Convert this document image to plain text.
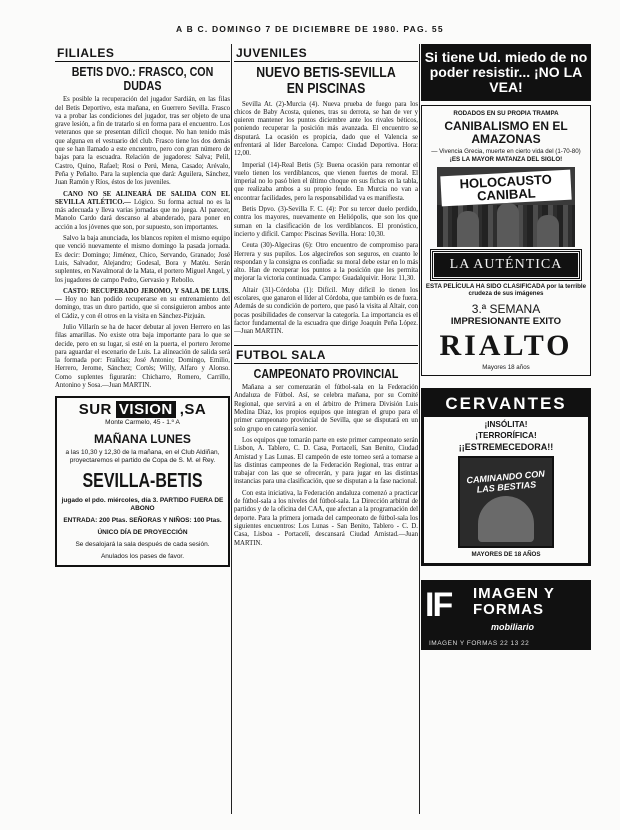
A B C. DOMINGO 7 DE DICIEMBRE DE 1980. PAG. 55
FILIALES
BETIS DVO.: FRASCO, CON DUDAS

Es posible la recuperación del jugador Sardián, en las filas del Betis Deportivo, esta mañana, en Guerrero Sevilla. Frasco va a probar las condiciones del jugador, tras ser objeto de una grave lesión, a fin de tratarlo si en forma para el encuentro. Los veteranos que se presentan difícil choque. No han tenido más que alguna en el vestuario del club. Frasco tiene los dos demás que se han llamado a este encuentro, pero con gran número de bajas para la escuadra. Relación de jugadores: Salva; Pelil, Castro, Quino, Rafael; Rosi o Perú, Mena, Casado; Arévalo, Peña y Peñalto. Para la suplencia que dará: Aguilera, Sánchez, Juan Ramón y Ríos, éstos de los juveniles.

CANO NO SE ALINEARÁ DE SALIDA CON EL SEVILLA ATLÉTICO.— Lógico. Su forma actual no es la más adecuada y lleva varias jornadas que no juega. Al parecer, Manolo Cardo dará descanso al abanderado, para poner en acción a los jóvenes que son, por supuesto, son importantes.

Salvo la baja anunciada, los blancos repiten el mismo equipo que venció nuevamente el mismo domingo la pasada jornada. Es decir: Domingo; Jiménez, Chico, Servando, Granado; José Luis, Salvador, Alejandro; Godesal, Bora y Matéu. Serán suplentes, en Navalmoral de la Mata, el portero Miguel Angel, y los jugadores de campo Pedro, Gervasio y Rebollo.

CASTO: RECUPERADO JEROMO, Y SALA DE LUIS.— Hoy no han podido recuperarse en su entrenamiento del domingo, tras un duro partido, que si consiguieron ambos ante el Cádiz, y con él otros en la visita en Sánchez-Pizjuán.

Julio Villarín se ha de hacer debutar al joven Herrero en las filas amarillas. No existe otra baja importante para lo que se decide, pero en su lugar, si esté en la puerta, el portero Jerome para aguardar el escenario de Luis. La alineación de salida será la formada por: Fraildas; José Antonio; Domingo, Emilio, Herrero, Jerome, Sánchez; Cortés; Willy, Alfaro y Alonso. Como suplentes figurarán: Chicharro, Romero, Carrillo, Antonino y Sosa.—Juan MARTIN.

SUR VISION ,SA
Monte Carmelo, 45 - 1.º A
MAÑANA LUNES
a las 10,30 y 12,30 de la mañana, en el Club Aldiñan, proyectaremos el partido de Copa de S. M. el Rey.
SEVILLA-BETIS
jugado el pdo. miércoles, día 3. PARTIDO FUERA DE ABONO
ENTRADA: 200 Ptas. SEÑORAS Y NIÑOS: 100 Ptas.
ÚNICO DÍA DE PROYECCIÓN
Se desalojará la sala después de cada sesión.
Anulados los pases de favor.
JUVENILES
NUEVO BETIS-SEVILLA EN PISCINAS

Sevilla At. (2)-Murcia (4). Nueva prueba de fuego para los chicos de Baby Acosta, quienes, tras su derrota, se han de ver y quieren mantener los puntos diciembre ante los rivales béticos, poniendo recuperar la posición más avanzada. El encuentro se disputará. La ocasión es propicia, dado que el Valencia se enfrentará al líder Barcelona. Campo: Ciudad Deportiva. Hora: 12,00.

Imperial (14)-Real Betis (5): Buena ocasión para remontar el vuelo tienen los verdiblancos, que vienen fuertes de moral. El imperial no lo pasó bien el último choque en sus fichas en la tabla, que realizaba ambos a su propio feudo. En Murcia no van a encontrar facilidades, pero la responsabilidad va es manifiesta.

Betis Dpvo. (3)-Sevilla F. C. (4): Por su tercer duelo perdido, contra los mayores, nuevamente en Heliópolis, que son los que suman en la clasificación de los verdiblancos. El pronóstico, incierto y difícil. Campo: Piscinas Sevilla. Hora: 10,30.

Ceuta (30)-Algeciras (6): Otro encuentro de compromiso para Herrera y sus pupilos. Los algecireños son seguros, en cuanto le respondan y la consigna es confiada: su moral debe estar en lo más alto. Han de recuperar los puntos a la posición que les permita mejorar la victoria continuada. Campo: Guadalquivir. Hora: 11,30.

Altair (31)-Córdoba (1): Difícil. Muy difícil lo tienen los escolares, que ganaron el líder al Córdoba, que también es de fuera. Además de su condición de portero, que pasó la visita al Altair, con pocas posibilidades de conservar la categoría. La importancia es el factor fundamental de la escuadra que dirige Joaquín Peña López.—Juan MARTIN.

FUTBOL SALA
CAMPEONATO PROVINCIAL

Mañana a ser comenzarán el fútbol-sala en la Federación Andaluza de Fútbol. Así, se celebra mañana, por su Comité Regional, que servirá a en el árbitro de Primera División Luis Medina Díaz, los propios equipos que integran el grupo para el primer campeonato provincial de Sevilla, que se disputará en un solo grupo en categoría senior.

Los equipos que tomarán parte en este primer campeonato serán Lisbon, A. Tablero, C. D. Casa, Portacelí, San Benito, Ciudad Amistad y Las Lunas. El campeón de este torneo será a tomarse a las distintas campeones de la Federación Regional, tras entrar a trabajar con las que se ofrecerán, y para jugar en las distintas instancias para una clasificación, que se disputan a la fase nacional.

Con esta iniciativa, la Federación andaluza comenzó a practicar de fútbol-sala a los niveles del fútbol-sala. La Dirección arbitral de partidos y de la oficina del CAA, que afectan a la programación del deporte. Para la primera jornada del campeonato de fútbol-sala los siguientes encuentros: Los Lunas - San Benito, Tablero - C. D. Casa, Lisboa - Portacelí, descansará Ciudad Amistad.—Juan MARTIN.

Si tiene Ud. miedo de no poder resistir... ¡NO LA VEA!
RODADOS EN SU PROPIA TRAMPA
CANIBALISMO EN EL AMAZONAS
— Vivencia Grecia, muerte en cierto vida del (1-70-80)
¡ES LA MAYOR MATANZA DEL SIGLO!
HOLOCAUSTO CANIBAL
LA AUTÉNTICA
ESTA PELÍCULA HA SIDO CLASIFICADA por la terrible crudeza de sus imágenes
3.ª SEMANA
IMPRESIONANTE EXITO
RIALTO
Mayores 18 años
CERVANTES
¡INSÓLITA!
¡TERRORÍFICA!
¡¡ESTREMECEDORA!!
CAMINANDO CON LAS BESTIAS
MAYORES DE 18 AÑOS
IF IMAGEN Y FORMAS
mobiliario
IMAGEN Y FORMAS 22 13 22
